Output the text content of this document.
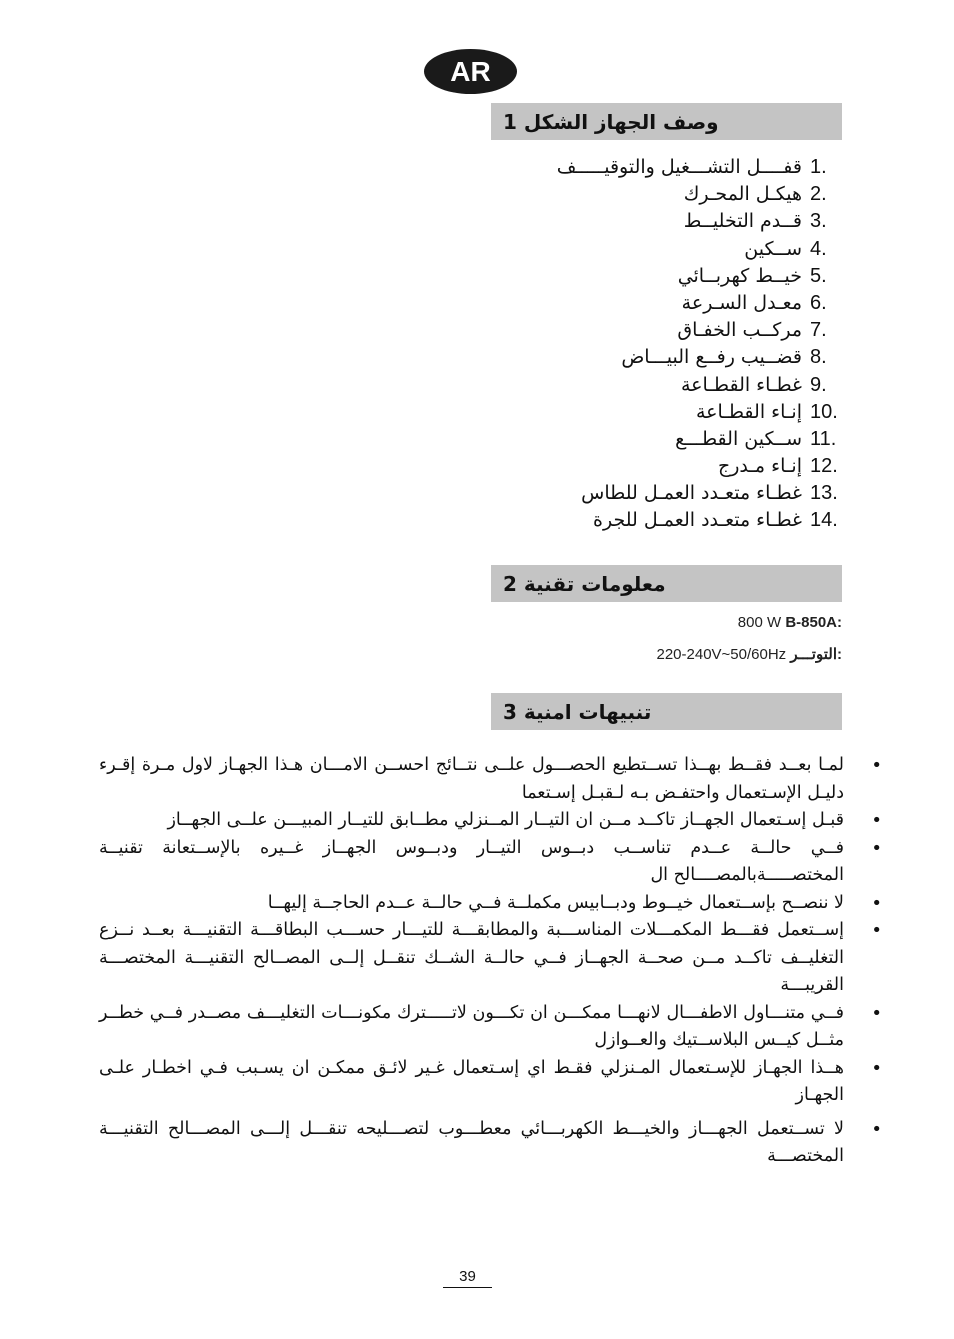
AR
وصف الجهاز الشكل 1
1.
قفــــل التشـــغيل والتوقيـــــف
2.
هيكـل المحـرك
3.
قــدم التخليــط
4.
ســكين
5.
خيــط كهربــائي
6.
معـدل السـرعة
7.
مركــب الخفـاق
8.
قضــيب رفــع البيـــاض
9.
غطـاء القطـاعة
10.
إنـاء القطـاعة
11.
ســكين القطـــع
12.
إنـاء مـدرج
13.
غطـاء متعـدد العمـل للطاس
14.
غطـاء متعـدد العمـل للجرة
معلومات تقنية 2
800 W B-850A:
220-240V~50/60Hz التوتـــر:
تنبيهات امنية 3
•
لمـا بعــد فقــط بهــذا تســتطيع الحصـــول علــى نتــائج احســن الامـــان هـذا الجهـاز لاول مـرة إقـرء دليـل الإسـتعمال واحتفـض بـه لـقبـل إسـتعما
•
قبـل إسـتعمال الجهــاز تاكــد مــن ان التيــار المــنزلي مطــابق للتيــار المبيـــن علــى الجهــاز
•
فــي حالــة عــدم تناســب دبــوس التيــار ودبــوس الجهــاز غــيره بالإســتعانة تقنيــة المختصـــــةبالمصــــالح ال
•
لا ننصــح بإســتعمال خيــوط ودبــابيس مكملــة فــي حالــة عــدم الحاجــة إليهــا
•
إســتعمل فقـــط المكمـــلات المناســـبة والمطابقـــة للتيـــار حســـب البطاقـــة التقنيـــة بعــد نــزع التغليــف تاكــد مــن صحــة الجهــاز فــي حالــة الشــك تنقــل إلــى المصــالح التقنيـــة المختصـــة القريبـــة
•
فــي متنـــاول الاطفـــال لانهـــا ممكـــن ان تكـــون لاتـــــترك مكونـــات التغليـــف مصــدر فــي خطــر مثــل كيــس البلاســتيك والعــوازل
•
هــذا الجهـاز للإسـتعمال المـنزلي فقـط اي إسـتعمال غـير لائـق ممكـن ان يسـبب فـي اخطـار علـى الجهـاز
•
لا تســتعمل الجهـــاز والخيـــط الكهربـــائي معطـــوب لتصـــليحه تنقـــل إلـــى المصـــالح التقنيـــة المختصـــة
39
